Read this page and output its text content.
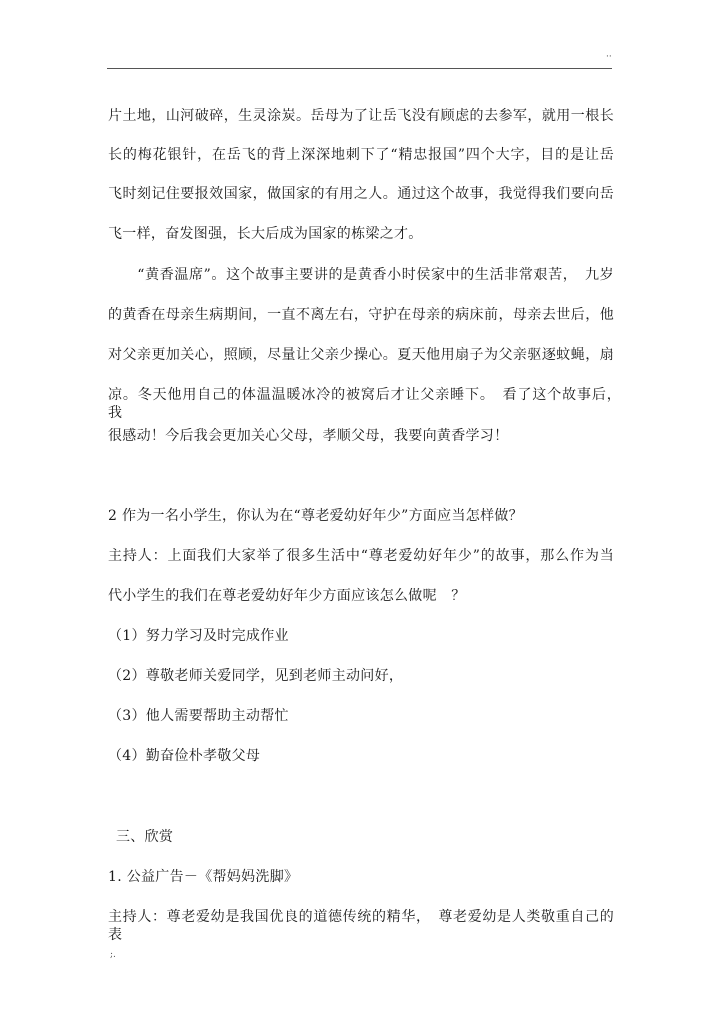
··
片土地，山河破碎，生灵涂炭。岳母为了让岳飞没有顾虑的去参军，就用一根长
长的梅花银针，在岳飞的背上深深地刺下了“精忠报国”四个大字，目的是让岳
飞时刻记住要报效国家，做国家的有用之人。通过这个故事，我觉得我们要向岳
飞一样，奋发图强，长大后成为国家的栋梁之才。
　　“黄香温席”。这个故事主要讲的是黄香小时侯家中的生活非常艰苦，　九岁
的黄香在母亲生病期间，一直不离左右，守护在母亲的病床前，母亲去世后，他
对父亲更加关心，照顾，尽量让父亲少操心。夏天他用扇子为父亲驱逐蚊蝇，扇
凉。冬天他用自己的体温温暖冰冷的被窝后才让父亲睡下。　看了这个故事后，　我
很感动！今后我会更加关心父母，孝顺父母，我要向黄香学习！
2 作为一名小学生，你认为在“尊老爱幼好年少”方面应当怎样做？
主持人：上面我们大家举了很多生活中“尊老爱幼好年少”的故事，那么作为当
代小学生的我们在尊老爱幼好年少方面应该怎么做呢　？
（1）努力学习及时完成作业
（2）尊敬老师关爱同学，见到老师主动问好，
（3）他人需要帮助主动帮忙
（4）勤奋俭朴孝敬父母
三、欣赏
1. 公益广告－《帮妈妈洗脚》
主持人：尊老爱幼是我国优良的道德传统的精华，　尊老爱幼是人类敬重自己的表
;.
